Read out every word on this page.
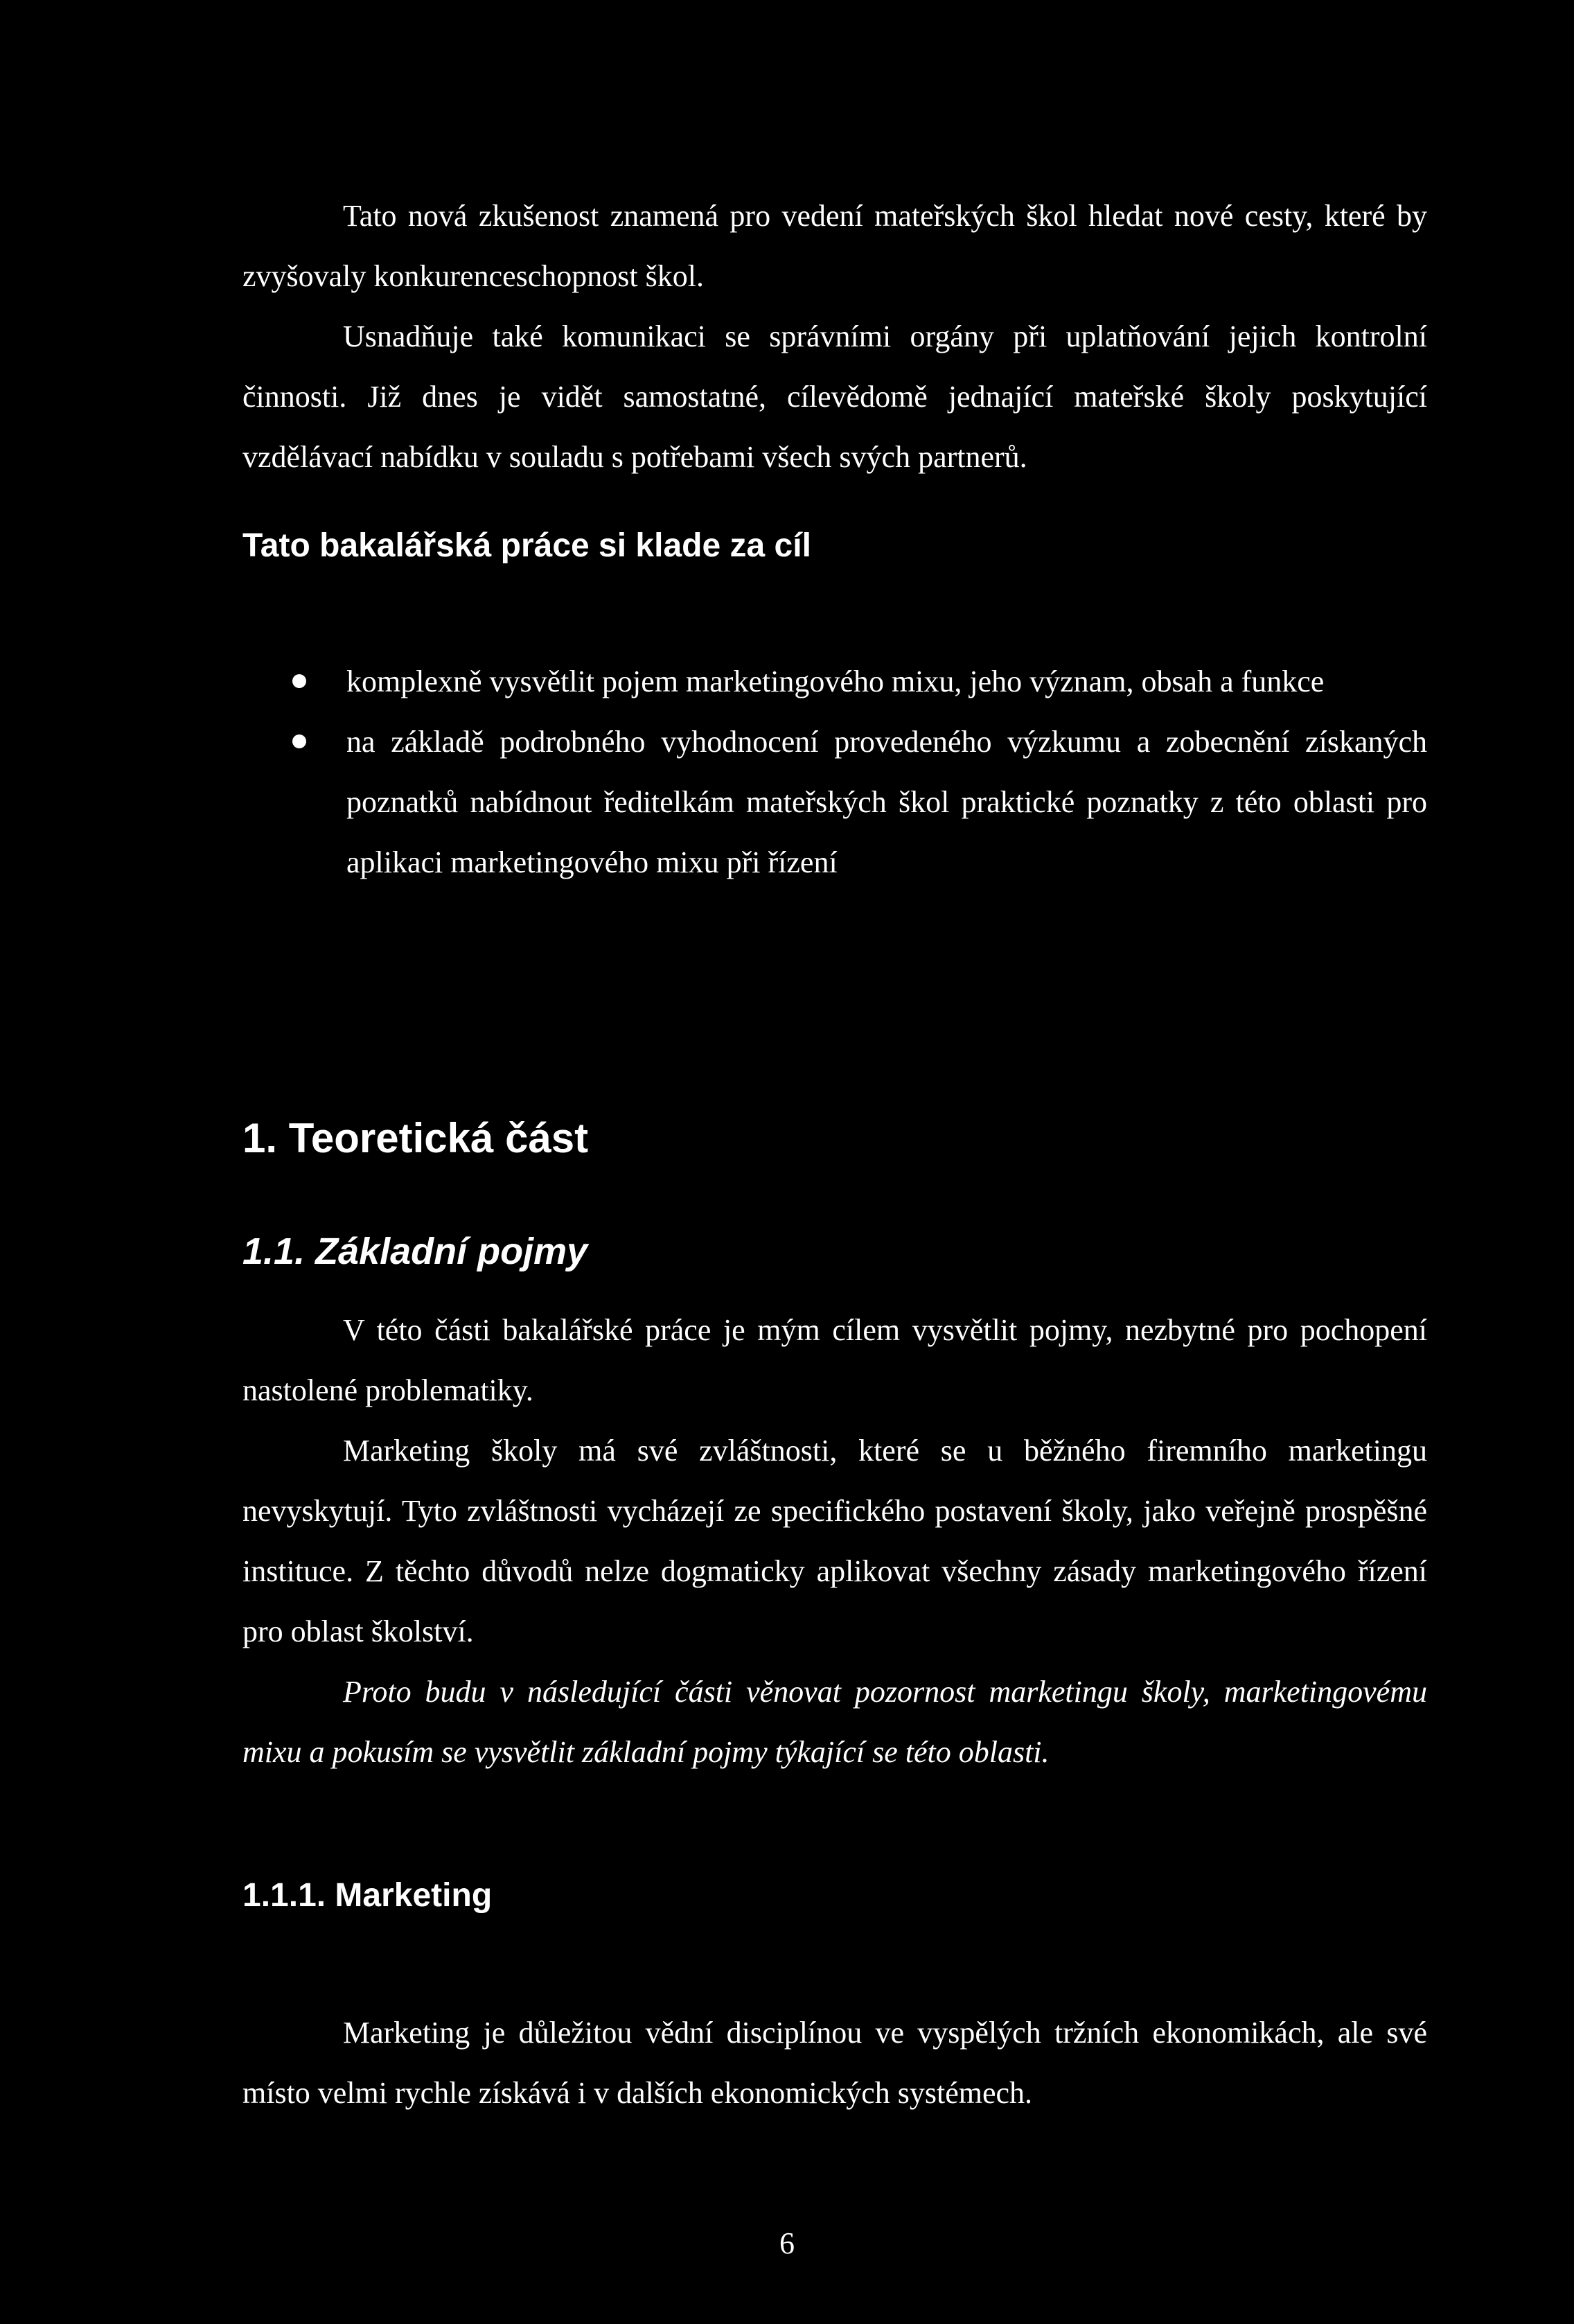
Tato nová zkušenost znamená pro vedení mateřských škol hledat nové cesty, které by zvyšovaly konkurenceschopnost škol.

Usnadňuje také komunikaci se správními orgány při uplatňování jejich kontrolní činnosti. Již dnes je vidět samostatné, cílevědomě jednající mateřské školy poskytující vzdělávací nabídku v souladu s potřebami všech svých partnerů.

Tato bakalářská práce si klade za cíl
komplexně vysvětlit pojem marketingového mixu, jeho význam, obsah a funkce
na základě podrobného vyhodnocení provedeného výzkumu a zobecnění získaných poznatků nabídnout ředitelkám mateřských škol praktické poznatky z této oblasti pro aplikaci marketingového mixu při řízení
1. Teoretická část
1.1. Základní pojmy

V této části bakalářské práce je mým cílem vysvětlit pojmy, nezbytné pro pochopení nastolené problematiky.

Marketing školy má své zvláštnosti, které se u běžného firemního marketingu nevyskytují. Tyto zvláštnosti vycházejí ze specifického postavení školy, jako veřejně prospěšné instituce. Z těchto důvodů nelze dogmaticky aplikovat všechny zásady marketingového řízení pro oblast školství.

Proto budu v následující části věnovat pozornost marketingu školy, marketingovému mixu a pokusím se vysvětlit základní pojmy týkající se této oblasti.

1.1.1. Marketing

Marketing je důležitou vědní disciplínou ve vyspělých tržních ekonomikách, ale své místo velmi rychle získává i v dalších ekonomických systémech.

6
